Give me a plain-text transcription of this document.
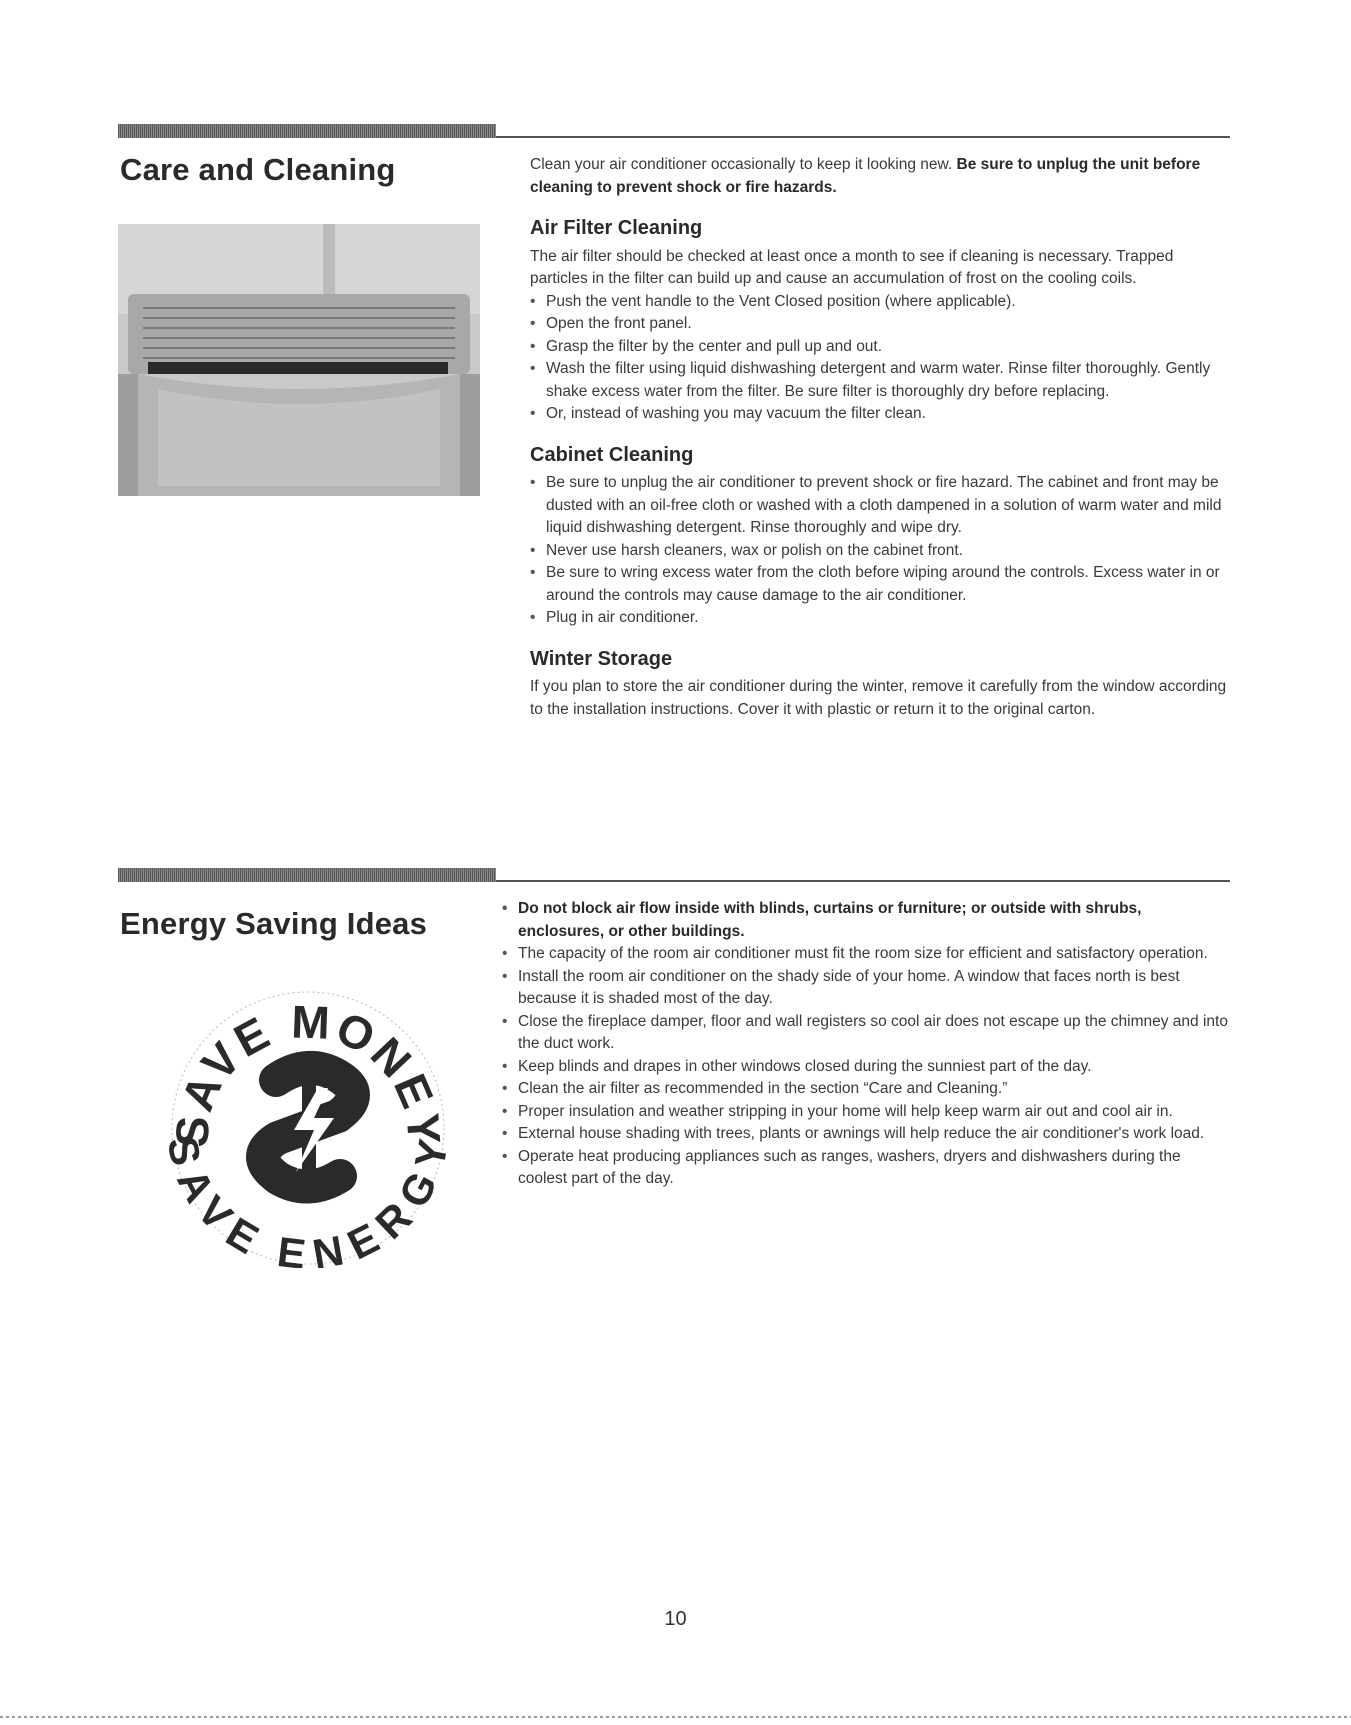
Care and Cleaning	Clean your air conditioner occasionally to keep it looking new. Be sure to unplug the unit before cleaning to prevent shock or fire hazards.

Air Filter Cleaning

The air filter should be checked at least once a month to see if cleaning is necessary. Trapped particles in the filter can build up and cause an accumulation of frost on the cooling coils.

• Push the vent handle to the Vent Closed position (where applicable).
• Open the front panel.
• Grasp the filter by the center and pull up and out.
• Wash the filter using liquid dishwashing detergent and warm water. Rinse filter thoroughly. Gently shake excess water from the filter. Be sure filter is thoroughly dry before replacing.
• Or, instead of washing you may vacuum the filter clean.
Cabinet Cleaning
• Be sure to unplug the air conditioner to prevent shock or fire hazard. The cabinet and front may be dusted with an oil-free cloth or washed with a cloth dampened in a solution of warm water and mild liquid dishwashing detergent. Rinse thoroughly and wipe dry.
• Never use harsh cleaners, wax or polish on the cabinet front.
• Be sure to wring excess water from the cloth before wiping around the controls. Excess water in or around the controls may cause damage to the air conditioner.
• Plug in air conditioner.
Winter Storage

If you plan to store the air conditioner during the winter, remove it carefully from the window according to the installation instructions. Cover it with plastic or return it to the original carton.

Energy Saving Ideas
SAVE MONEY
AVE ENERG
• Do not block air flow inside with blinds, curtains or furniture; or outside with shrubs, enclosures, or other buildings.
• The capacity of the room air conditioner must fit the room size for efficient and satisfactory operation.
• Install the room air conditioner on the shady side of your home. A window that faces north is best because it is shaded most of the day.
• Close the fireplace damper, floor and wall registers so cool air does not escape up the chimney and into the duct work.
• Keep blinds and drapes in other windows closed during the sunniest part of the day.
• Clean the air filter as recommended in the section “Care and Cleaning.”
• Proper insulation and weather stripping in your home will help keep warm air out and cool air in.
• External house shading with trees, plants or awnings will help reduce the air conditioner's work load.
• Operate heat producing appliances such as ranges, washers, dryers and dishwashers during the coolest part of the day.
10
